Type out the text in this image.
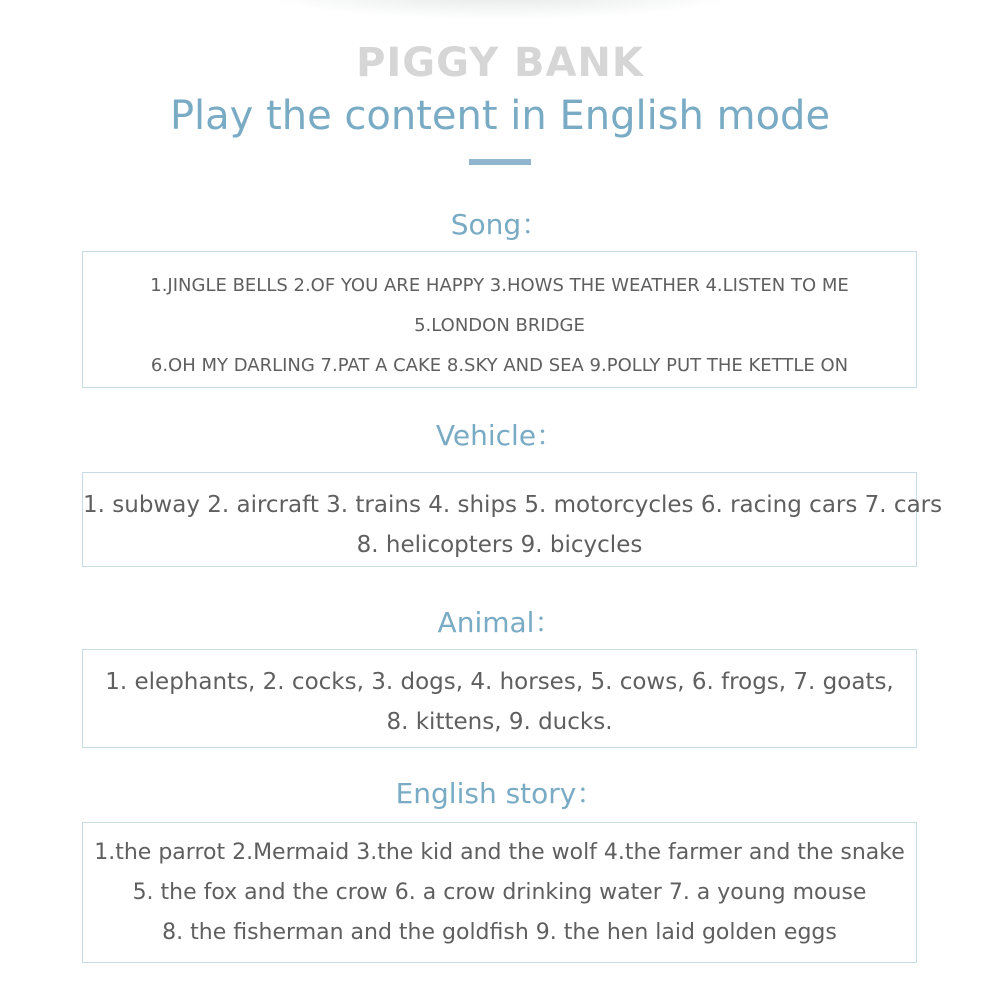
PIGGY BANK
Play the content in English mode
Song：
1.JINGLE BELLS 2.OF YOU ARE HAPPY 3.HOWS THE WEATHER 4.LISTEN TO ME
5.LONDON BRIDGE
6.OH MY DARLING 7.PAT A CAKE 8.SKY AND SEA 9.POLLY PUT THE KETTLE ON
Vehicle：
1. subway 2. aircraft 3. trains 4. ships 5. motorcycles 6. racing cars 7. cars
8. helicopters 9. bicycles
Animal：
1. elephants, 2. cocks, 3. dogs, 4. horses, 5. cows, 6. frogs, 7. goats,
8. kittens, 9. ducks.
English story：
1.the parrot 2.Mermaid 3.the kid and the wolf 4.the farmer and the snake
5. the fox and the crow 6. a crow drinking water 7. a young mouse
8. the fisherman and the goldfish 9. the hen laid golden eggs
